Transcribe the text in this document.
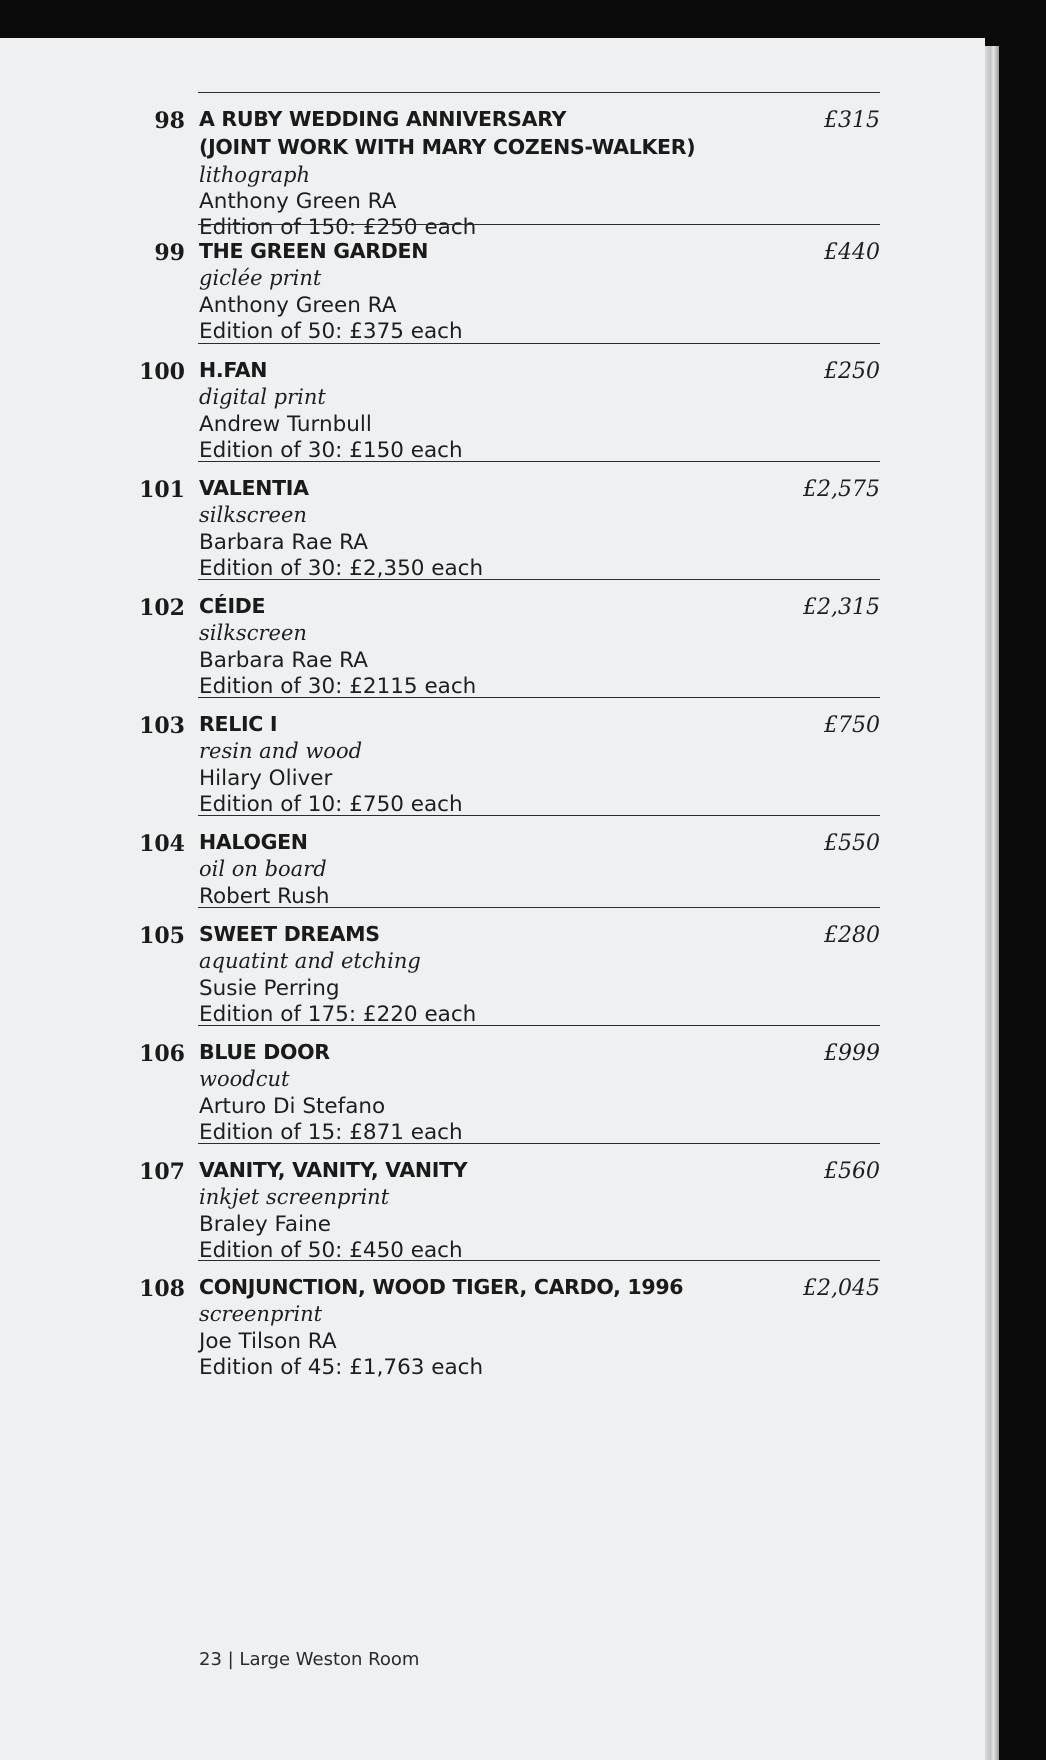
98	£315
A RUBY WEDDING ANNIVERSARY
(JOINT WORK WITH MARY COZENS-WALKER)
lithograph
Anthony Green RA
Edition of 150: £250 each
99	£440
THE GREEN GARDEN
giclée print
Anthony Green RA
Edition of 50: £375 each
100	£250
H.FAN
digital print
Andrew Turnbull
Edition of 30: £150 each
101	£2,575
VALENTIA
silkscreen
Barbara Rae RA
Edition of 30: £2,350 each
102	£2,315
CÉIDE
silkscreen
Barbara Rae RA
Edition of 30: £2115 each
103	£750
RELIC I
resin and wood
Hilary Oliver
Edition of 10: £750 each
104	£550
HALOGEN
oil on board
Robert Rush
105	£280
SWEET DREAMS
aquatint and etching
Susie Perring
Edition of 175: £220 each
106	£999
BLUE DOOR
woodcut
Arturo Di Stefano
Edition of 15: £871 each
107	£560
VANITY, VANITY, VANITY
inkjet screenprint
Braley Faine
Edition of 50: £450 each
108	£2,045
CONJUNCTION, WOOD TIGER, CARDO, 1996
screenprint
Joe Tilson RA
Edition of 45: £1,763 each
23 | Large Weston Room
